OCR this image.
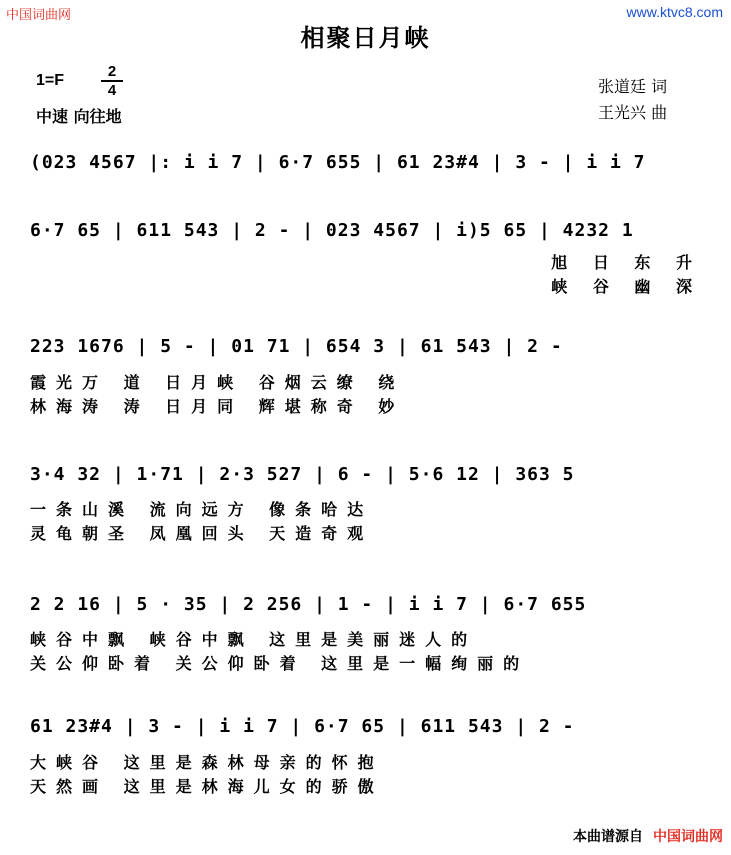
中国词曲网	www.ktvc8.com
相聚日月峡
1=F
2
4
中速 向往地
张道廷 词
王光兴 曲
(023 4567 |: i i 7 | 6·7 655 | 61 23#4 | 3 - | i i 7
6·7 65 | 611 543 | 2 - | 023 4567 | i)5 65 | 4232 1
旭 日 东 升
峡 谷 幽 深
223 1676 | 5 - | 01 71 | 654 3 | 61 543 | 2 -
霞光万 道 日月峡 谷烟云缭 绕
林海涛 涛 日月同 辉堪称奇 妙
3·4 32 | 1·71 | 2·3 527 | 6 - | 5·6 12 | 363 5
一条山溪 流向远方 像条哈达
灵龟朝圣 凤凰回头 天造奇观
2 2 16 | 5 · 35 | 2 256 | 1 - | i i 7 | 6·7 655
峡谷中飘 峡谷中飘 这里是美丽迷人的
关公仰卧着 关公仰卧着 这里是一幅绚丽的
61 23#4 | 3 - | i i 7 | 6·7 65 | 611 543 | 2 -
大峡谷 这里是森林母亲的怀抱
天然画 这里是林海儿女的骄傲
本曲谱源自 中国词曲网
